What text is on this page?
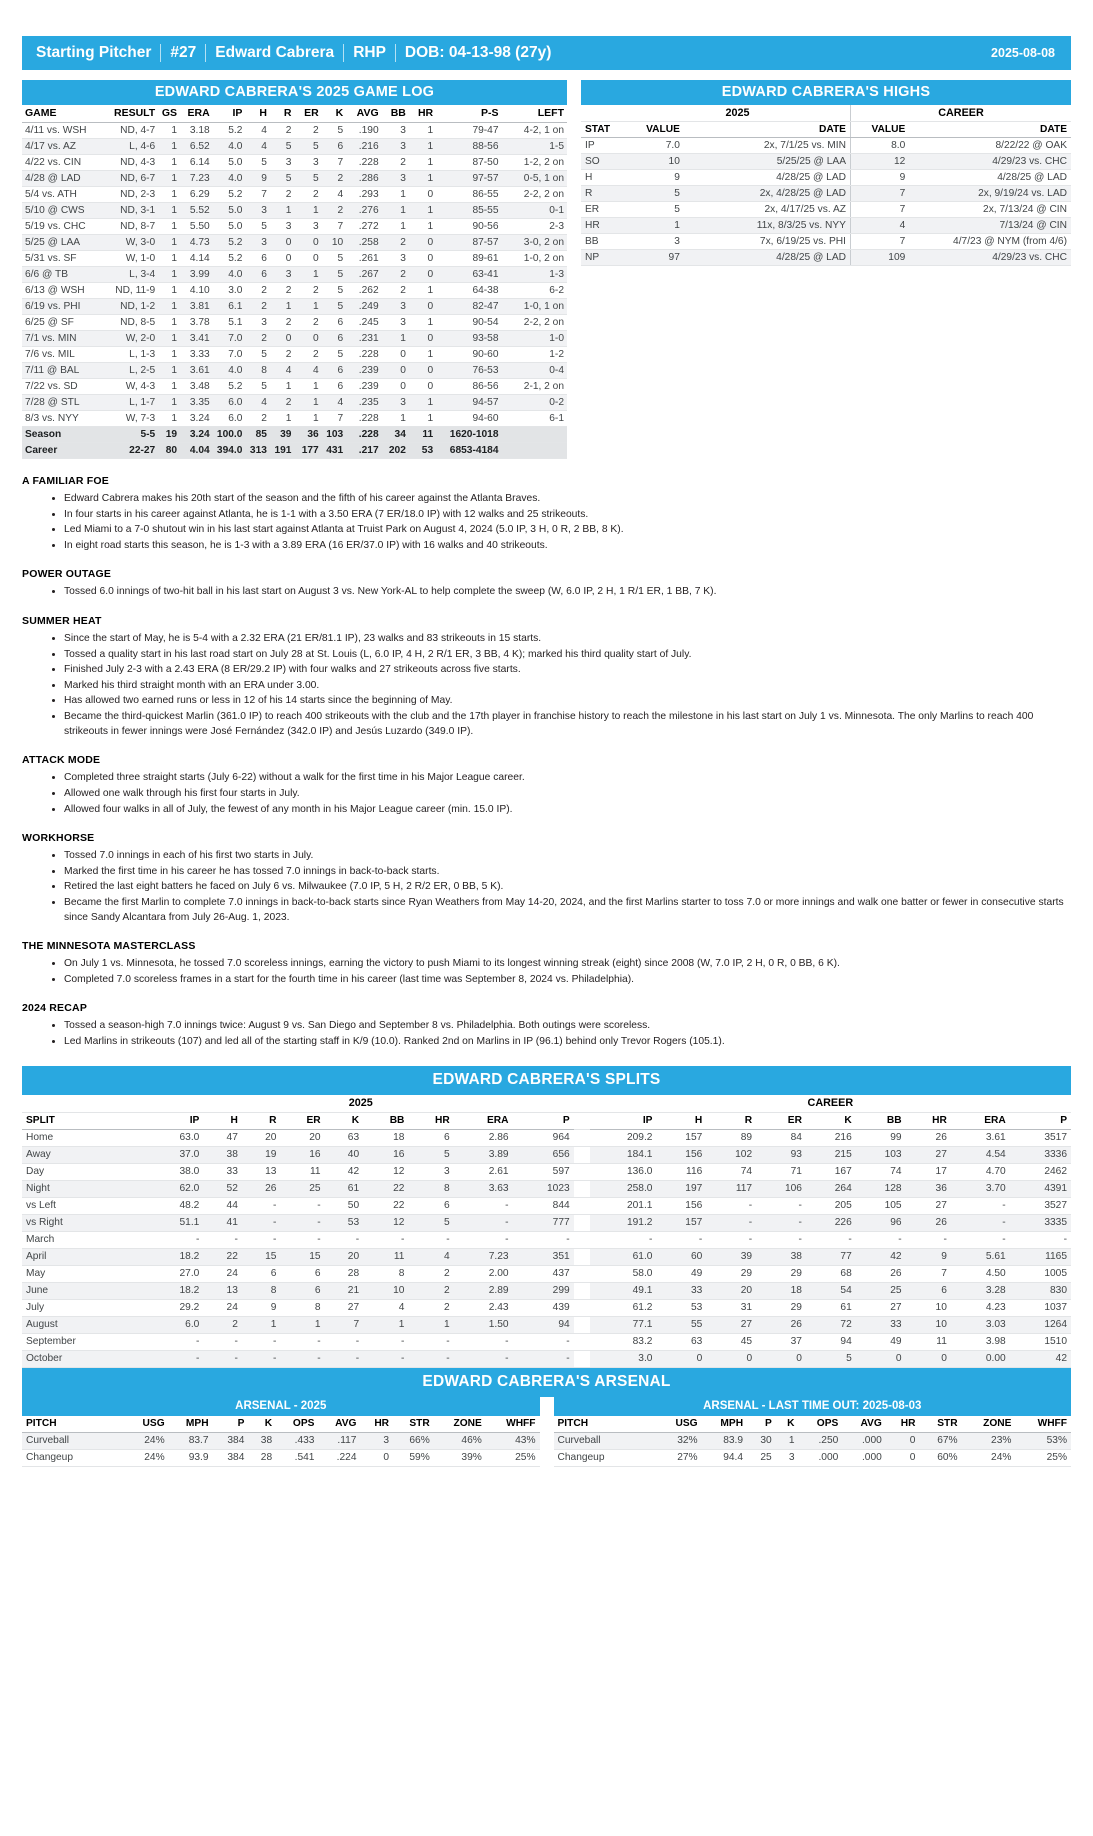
Starting Pitcher	#27	Edward Cabrera	RHP	DOB: 04-13-98 (27y)	2025-08-08
EDWARD CABRERA'S 2025 GAME LOG
GAME	RESULT	GS	ERA	IP	H	R	ER	K	AVG	BB	HR	P-S	LEFT
4/11 vs. WSH	ND, 4-7	1	3.18	5.2	4	2	2	5	.190	3	1	79-47	4-2, 1 on
4/17 vs. AZ	L, 4-6	1	6.52	4.0	4	5	5	6	.216	3	1	88-56	1-5
4/22 vs. CIN	ND, 4-3	1	6.14	5.0	5	3	3	7	.228	2	1	87-50	1-2, 2 on
4/28 @ LAD	ND, 6-7	1	7.23	4.0	9	5	5	2	.286	3	1	97-57	0-5, 1 on
5/4 vs. ATH	ND, 2-3	1	6.29	5.2	7	2	2	4	.293	1	0	86-55	2-2, 2 on
5/10 @ CWS	ND, 3-1	1	5.52	5.0	3	1	1	2	.276	1	1	85-55	0-1
5/19 vs. CHC	ND, 8-7	1	5.50	5.0	5	3	3	7	.272	1	1	90-56	2-3
5/25 @ LAA	W, 3-0	1	4.73	5.2	3	0	0	10	.258	2	0	87-57	3-0, 2 on
5/31 vs. SF	W, 1-0	1	4.14	5.2	6	0	0	5	.261	3	0	89-61	1-0, 2 on
6/6 @ TB	L, 3-4	1	3.99	4.0	6	3	1	5	.267	2	0	63-41	1-3
6/13 @ WSH	ND, 11-9	1	4.10	3.0	2	2	2	5	.262	2	1	64-38	6-2
6/19 vs. PHI	ND, 1-2	1	3.81	6.1	2	1	1	5	.249	3	0	82-47	1-0, 1 on
6/25 @ SF	ND, 8-5	1	3.78	5.1	3	2	2	6	.245	3	1	90-54	2-2, 2 on
7/1 vs. MIN	W, 2-0	1	3.41	7.0	2	0	0	6	.231	1	0	93-58	1-0
7/6 vs. MIL	L, 1-3	1	3.33	7.0	5	2	2	5	.228	0	1	90-60	1-2
7/11 @ BAL	L, 2-5	1	3.61	4.0	8	4	4	6	.239	0	0	76-53	0-4
7/22 vs. SD	W, 4-3	1	3.48	5.2	5	1	1	6	.239	0	0	86-56	2-1, 2 on
7/28 @ STL	L, 1-7	1	3.35	6.0	4	2	1	4	.235	3	1	94-57	0-2
8/3 vs. NYY	W, 7-3	1	3.24	6.0	2	1	1	7	.228	1	1	94-60	6-1
Season	5-5	19	3.24	100.0	85	39	36	103	.228	34	11	1620-1018	
Career	22-27	80	4.04	394.0	313	191	177	431	.217	202	53	6853-4184	
EDWARD CABRERA'S HIGHS
	2025		CAREER	
STAT	VALUE	DATE	VALUE	DATE
IP	7.0	2x, 7/1/25 vs. MIN	8.0	8/22/22 @ OAK
SO	10	5/25/25 @ LAA	12	4/29/23 vs. CHC
H	9	4/28/25 @ LAD	9	4/28/25 @ LAD
R	5	2x, 4/28/25 @ LAD	7	2x, 9/19/24 vs. LAD
ER	5	2x, 4/17/25 vs. AZ	7	2x, 7/13/24 @ CIN
HR	1	11x, 8/3/25 vs. NYY	4	7/13/24 @ CIN
BB	3	7x, 6/19/25 vs. PHI	7	4/7/23 @ NYM (from 4/6)
NP	97	4/28/25 @ LAD	109	4/29/23 vs. CHC
A FAMILIAR FOE
• Edward Cabrera makes his 20th start of the season and the fifth of his career against the Atlanta Braves.
• In four starts in his career against Atlanta, he is 1-1 with a 3.50 ERA (7 ER/18.0 IP) with 12 walks and 25 strikeouts.
• Led Miami to a 7-0 shutout win in his last start against Atlanta at Truist Park on August 4, 2024 (5.0 IP, 3 H, 0 R, 2 BB, 8 K).
• In eight road starts this season, he is 1-3 with a 3.89 ERA (16 ER/37.0 IP) with 16 walks and 40 strikeouts.
POWER OUTAGE
• Tossed 6.0 innings of two-hit ball in his last start on August 3 vs. New York-AL to help complete the sweep (W, 6.0 IP, 2 H, 1 R/1 ER, 1 BB, 7 K).
SUMMER HEAT
• Since the start of May, he is 5-4 with a 2.32 ERA (21 ER/81.1 IP), 23 walks and 83 strikeouts in 15 starts.
• Tossed a quality start in his last road start on July 28 at St. Louis (L, 6.0 IP, 4 H, 2 R/1 ER, 3 BB, 4 K); marked his third quality start of July.
• Finished July 2-3 with a 2.43 ERA (8 ER/29.2 IP) with four walks and 27 strikeouts across five starts.
• Marked his third straight month with an ERA under 3.00.
• Has allowed two earned runs or less in 12 of his 14 starts since the beginning of May.
• Became the third-quickest Marlin (361.0 IP) to reach 400 strikeouts with the club and the 17th player in franchise history to reach the milestone in his last start on July 1 vs. Minnesota. The only Marlins to reach 400 strikeouts in fewer innings were José Fernández (342.0 IP) and Jesús Luzardo (349.0 IP).
ATTACK MODE
• Completed three straight starts (July 6-22) without a walk for the first time in his Major League career.
• Allowed one walk through his first four starts in July.
• Allowed four walks in all of July, the fewest of any month in his Major League career (min. 15.0 IP).
WORKHORSE
• Tossed 7.0 innings in each of his first two starts in July.
• Marked the first time in his career he has tossed 7.0 innings in back-to-back starts.
• Retired the last eight batters he faced on July 6 vs. Milwaukee (7.0 IP, 5 H, 2 R/2 ER, 0 BB, 5 K).
• Became the first Marlin to complete 7.0 innings in back-to-back starts since Ryan Weathers from May 14-20, 2024, and the first Marlins starter to toss 7.0 or more innings and walk one batter or fewer in consecutive starts since Sandy Alcantara from July 26-Aug. 1, 2023.
THE MINNESOTA MASTERCLASS
• On July 1 vs. Minnesota, he tossed 7.0 scoreless innings, earning the victory to push Miami to its longest winning streak (eight) since 2008 (W, 7.0 IP, 2 H, 0 R, 0 BB, 6 K).
• Completed 7.0 scoreless frames in a start for the fourth time in his career (last time was September 8, 2024 vs. Philadelphia).
2024 RECAP
• Tossed a season-high 7.0 innings twice: August 9 vs. San Diego and September 8 vs. Philadelphia. Both outings were scoreless.
• Led Marlins in strikeouts (107) and led all of the starting staff in K/9 (10.0). Ranked 2nd on Marlins in IP (96.1) behind only Trevor Rogers (105.1).
EDWARD CABRERA'S SPLITS
	2025										CAREER								
SPLIT	IP	H	R	ER	K	BB	HR	ERA	P		IP	H	R	ER	K	BB	HR	ERA	P
Home	63.0	47	20	20	63	18	6	2.86	964		209.2	157	89	84	216	99	26	3.61	3517
Away	37.0	38	19	16	40	16	5	3.89	656		184.1	156	102	93	215	103	27	4.54	3336
Day	38.0	33	13	11	42	12	3	2.61	597		136.0	116	74	71	167	74	17	4.70	2462
Night	62.0	52	26	25	61	22	8	3.63	1023		258.0	197	117	106	264	128	36	3.70	4391
vs Left	48.2	44	-	-	50	22	6	-	844		201.1	156	-	-	205	105	27	-	3527
vs Right	51.1	41	-	-	53	12	5	-	777		191.2	157	-	-	226	96	26	-	3335
March	-	-	-	-	-	-	-	-	-		-	-	-	-	-	-	-	-	-
April	18.2	22	15	15	20	11	4	7.23	351		61.0	60	39	38	77	42	9	5.61	1165
May	27.0	24	6	6	28	8	2	2.00	437		58.0	49	29	29	68	26	7	4.50	1005
June	18.2	13	8	6	21	10	2	2.89	299		49.1	33	20	18	54	25	6	3.28	830
July	29.2	24	9	8	27	4	2	2.43	439		61.2	53	31	29	61	27	10	4.23	1037
August	6.0	2	1	1	7	1	1	1.50	94		77.1	55	27	26	72	33	10	3.03	1264
September	-	-	-	-	-	-	-	-	-		83.2	63	45	37	94	49	11	3.98	1510
October	-	-	-	-	-	-	-	-	-		3.0	0	0	0	5	0	0	0.00	42
EDWARD CABRERA'S ARSENAL
ARSENAL - 2025
PITCH	USG	MPH	P	K	OPS	AVG	HR	STR	ZONE	WHFF
Curveball	24%	83.7	384	38	.433	.117	3	66%	46%	43%
Changeup	24%	93.9	384	28	.541	.224	0	59%	39%	25%
ARSENAL - LAST TIME OUT: 2025-08-03
PITCH	USG	MPH	P	K	OPS	AVG	HR	STR	ZONE	WHFF
Curveball	32%	83.9	30	1	.250	.000	0	67%	23%	53%
Changeup	27%	94.4	25	3	.000	.000	0	60%	24%	25%
